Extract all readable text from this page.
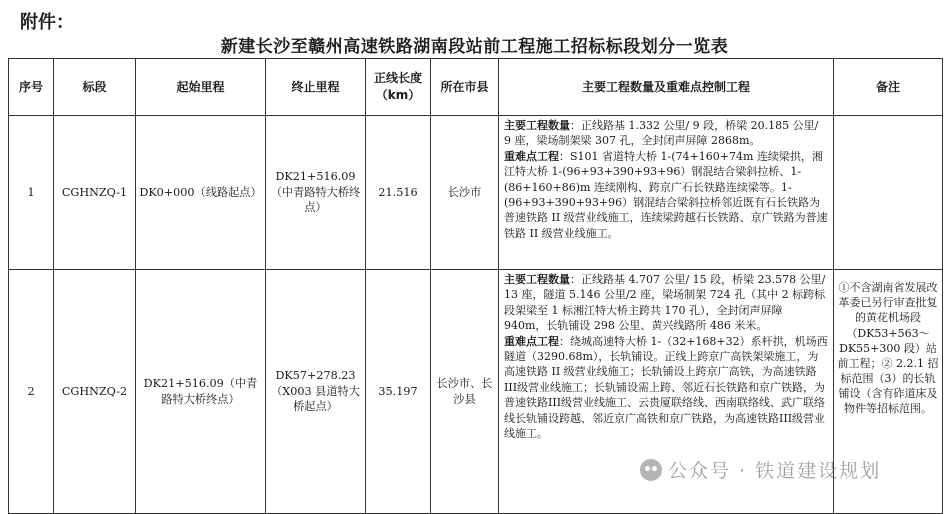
附件：
新建长沙至赣州高速铁路湖南段站前工程施工招标标段划分一览表
序号	标段	起始里程	终止里程	正线长度（km）	所在市县	主要工程数量及重难点控制工程	备注
1	CGHNZQ-1	DK0+000（线路起点）	DK21+516.09（中青路特大桥终点）	21.516	长沙市	主要工程数量：正线路基 1.332 公里/ 9 段，桥梁 20.185 公里/ 9 座，梁场制架梁 307 孔，全封闭声屏障 2868m。
重难点工程：S101 省道特大桥 1-(74+160+74m 连续梁拱，湘江特大桥 1-(96+93+390+93+96）钢混结合梁斜拉桥、1-(86+160+86)m 连续刚构、跨京广石长铁路连续梁等。1-(96+93+390+93+96）钢混结合梁斜拉桥邻近既有石长铁路为普速铁路 II 级营业线施工，连续梁跨越石长铁路、京广铁路为普速铁路 II 级营业线施工。	
2	CGHNZQ-2	DK21+516.09（中青路特大桥终点）	DK57+278.23（X003 县道特大桥起点）	35.197	长沙市、长沙县	主要工程数量：正线路基 4.707 公里/ 15 段，桥梁 23.578 公里/ 13 座，隧道 5.146 公里/2 座，梁场制架 724 孔（其中 2 标跨标段架梁至 1 标湘江特大桥主跨共 170 孔），全封闭声屏障 940m，长轨铺设 298 公里、黄兴线路所 486 米米。
重难点工程：绕城高速特大桥 1-（32+168+32）系杆拱，机场西隧道（3290.68m），长轨铺设。正线上跨京广高铁架梁施工，为高速铁路 II 级营业线施工；长轨铺设上跨京广高铁，为高速铁路III级营业线施工；长轨铺设需上跨、邻近石长铁路和京广铁路，为普速铁路III级营业线施工、云贵厦联络线、西南联络线、武广联络线长轨铺设跨越、邻近京广高铁和京广铁路，为高速铁路III级营业线施工。	①不含湖南省发展改革委已另行审查批复的黄花机场段（DK53+563～DK55+300 段）站前工程；② 2.2.1 招标范围（3）的长轨铺设（含有砟道床及物件等招标范围。
公众号 · 铁道建设规划
